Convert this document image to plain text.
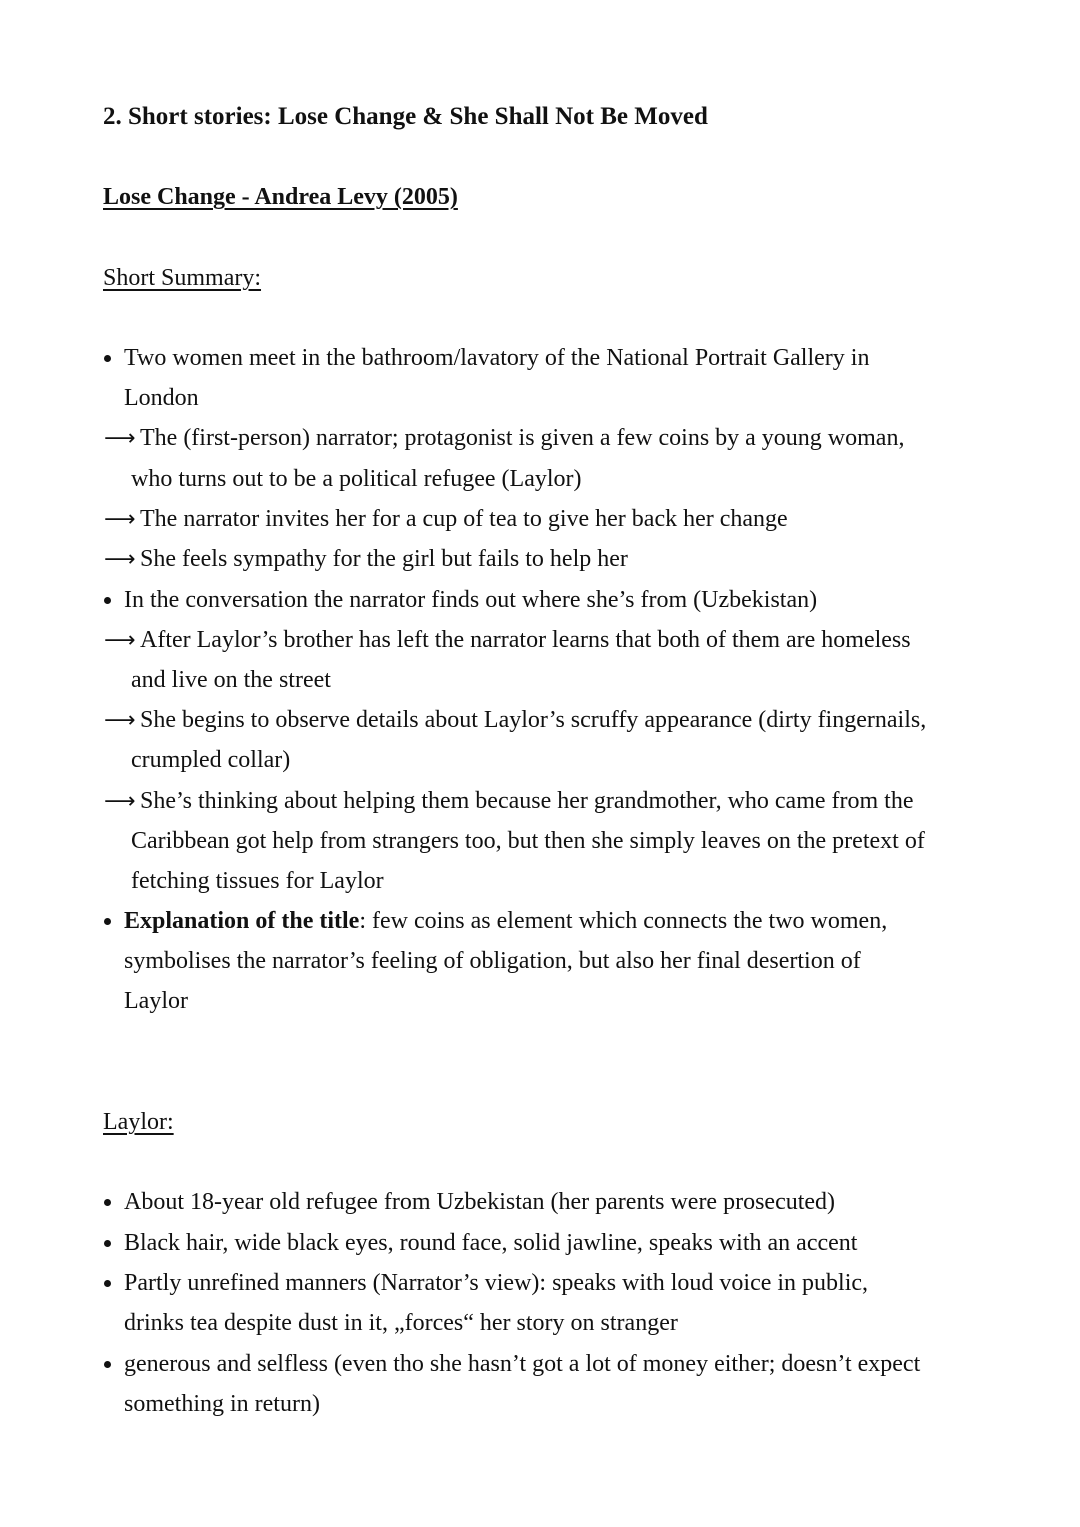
2. Short stories: Lose Change & She Shall Not Be Moved
Lose Change - Andrea Levy (2005)
Short Summary:
Two women meet in the bathroom/lavatory of the National Portrait Gallery in
London
⟶ The (first-person) narrator; protagonist is given a few coins by a young woman,
who turns out to be a political refugee (Laylor)
⟶ The narrator invites her for a cup of tea to give her back her change
⟶ She feels sympathy for the girl but fails to help her
In the conversation the narrator finds out where she’s from (Uzbekistan)
⟶ After Laylor’s brother has left the narrator learns that both of them are homeless
and live on the street
⟶ She begins to observe details about Laylor’s scruffy appearance (dirty fingernails,
crumpled collar)
⟶ She’s thinking about helping them because her grandmother, who came from the
Caribbean got help from strangers too, but then she simply leaves on the pretext of
fetching tissues for Laylor
Explanation of the title: few coins as element which connects the two women,
symbolises the narrator’s feeling of obligation, but also her final desertion of
Laylor
Laylor:
About 18-year old refugee from Uzbekistan (her parents were prosecuted)
Black hair, wide black eyes, round face, solid jawline, speaks with an accent
Partly unrefined manners (Narrator’s view): speaks with loud voice in public,
drinks tea despite dust in it, „forces“ her story on stranger
generous and selfless (even tho she hasn’t got a lot of money either; doesn’t expect
something in return)
